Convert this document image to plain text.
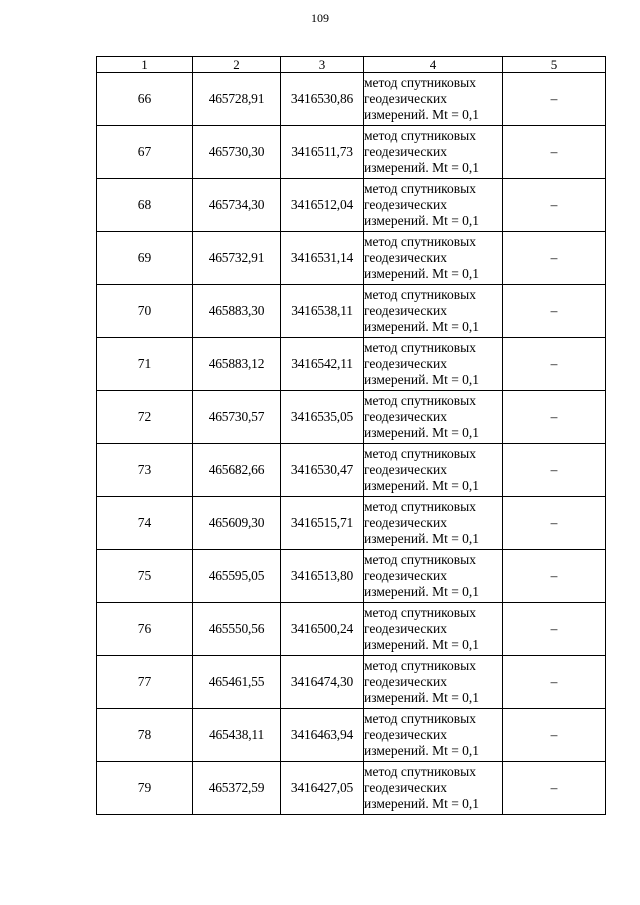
109
1	2	3	4	5
66	465728,91	3416530,86	метод спутниковых
геодезических
измерений. Mt = 0,1	–
67	465730,30	3416511,73	метод спутниковых
геодезических
измерений. Mt = 0,1	–
68	465734,30	3416512,04	метод спутниковых
геодезических
измерений. Mt = 0,1	–
69	465732,91	3416531,14	метод спутниковых
геодезических
измерений. Mt = 0,1	–
70	465883,30	3416538,11	метод спутниковых
геодезических
измерений. Mt = 0,1	–
71	465883,12	3416542,11	метод спутниковых
геодезических
измерений. Mt = 0,1	–
72	465730,57	3416535,05	метод спутниковых
геодезических
измерений. Mt = 0,1	–
73	465682,66	3416530,47	метод спутниковых
геодезических
измерений. Mt = 0,1	–
74	465609,30	3416515,71	метод спутниковых
геодезических
измерений. Mt = 0,1	–
75	465595,05	3416513,80	метод спутниковых
геодезических
измерений. Mt = 0,1	–
76	465550,56	3416500,24	метод спутниковых
геодезических
измерений. Mt = 0,1	–
77	465461,55	3416474,30	метод спутниковых
геодезических
измерений. Mt = 0,1	–
78	465438,11	3416463,94	метод спутниковых
геодезических
измерений. Mt = 0,1	–
79	465372,59	3416427,05	метод спутниковых
геодезических
измерений. Mt = 0,1	–
